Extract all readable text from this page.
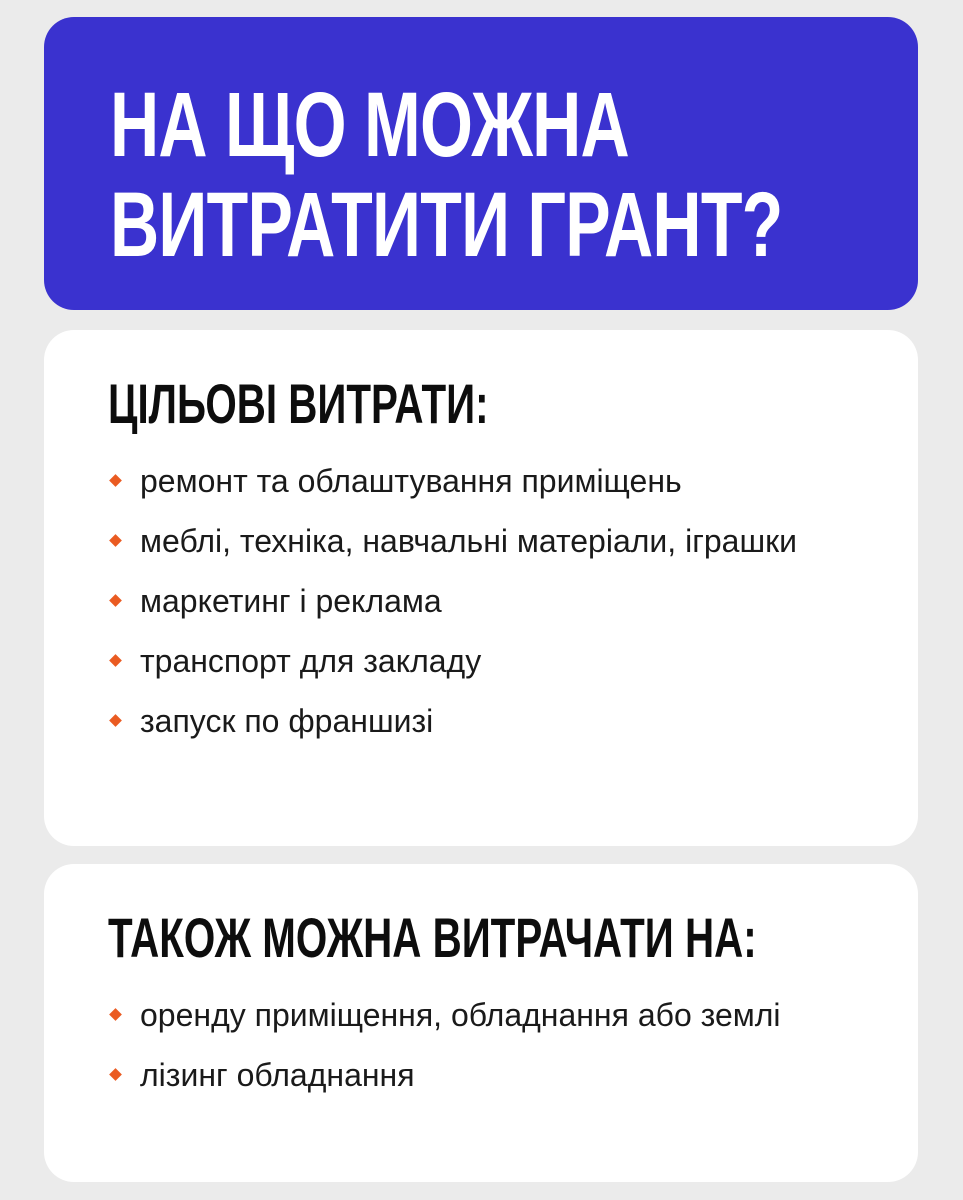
НА ЩО МОЖНА
ВИТРАТИТИ ГРАНТ?
ЦІЛЬОВІ ВИТРАТИ:
ремонт та облаштування приміщень
меблі, техніка, навчальні матеріали, іграшки
маркетинг і реклама
транспорт для закладу
запуск по франшизі
ТАКОЖ МОЖНА ВИТРАЧАТИ НА:
оренду приміщення, обладнання або землі
лізинг обладнання
